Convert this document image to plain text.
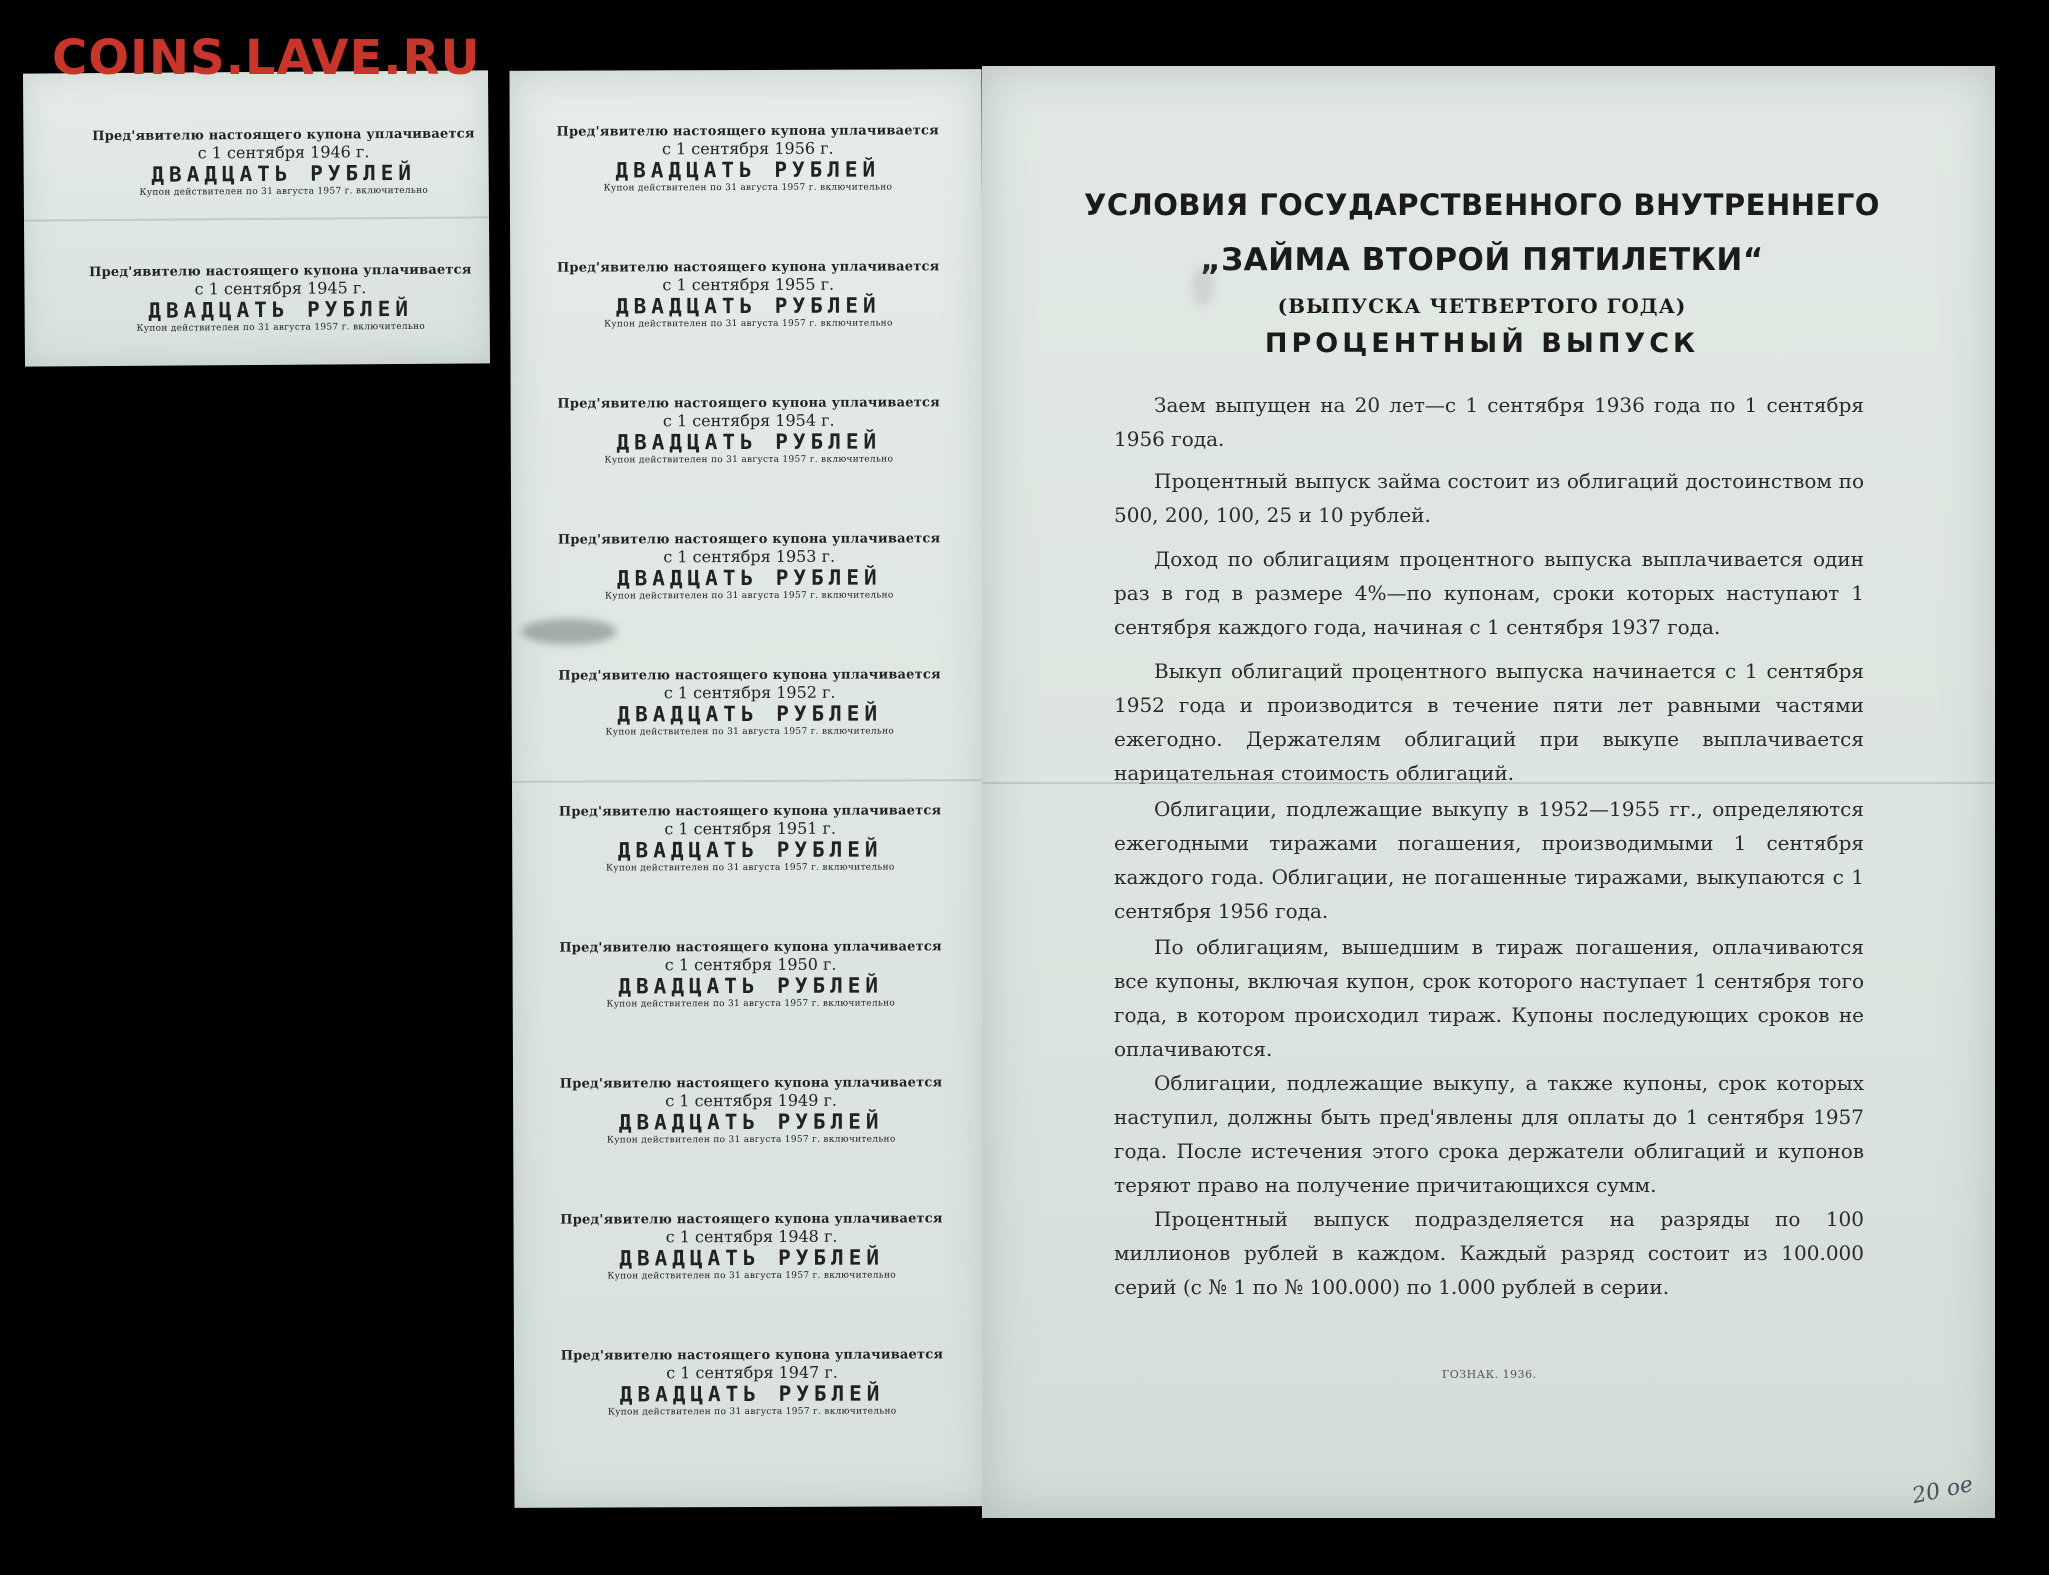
COINS.LAVE.RU
Пред'явителю настоящего купона уплачивается
с 1 сентября 1946 г.
ДВАДЦАТЬ РУБЛЕЙ
Купон действителен по 31 августа 1957 г. включительно
Пред'явителю настоящего купона уплачивается
с 1 сентября 1945 г.
ДВАДЦАТЬ РУБЛЕЙ
Купон действителен по 31 августа 1957 г. включительно
Пред'явителю настоящего купона уплачивается
с 1 сентября 1956 г.
ДВАДЦАТЬ РУБЛЕЙ
Купон действителен по 31 августа 1957 г. включительно
Пред'явителю настоящего купона уплачивается
с 1 сентября 1955 г.
ДВАДЦАТЬ РУБЛЕЙ
Купон действителен по 31 августа 1957 г. включительно
Пред'явителю настоящего купона уплачивается
с 1 сентября 1954 г.
ДВАДЦАТЬ РУБЛЕЙ
Купон действителен по 31 августа 1957 г. включительно
Пред'явителю настоящего купона уплачивается
с 1 сентября 1953 г.
ДВАДЦАТЬ РУБЛЕЙ
Купон действителен по 31 августа 1957 г. включительно
Пред'явителю настоящего купона уплачивается
с 1 сентября 1952 г.
ДВАДЦАТЬ РУБЛЕЙ
Купон действителен по 31 августа 1957 г. включительно
Пред'явителю настоящего купона уплачивается
с 1 сентября 1951 г.
ДВАДЦАТЬ РУБЛЕЙ
Купон действителен по 31 августа 1957 г. включительно
Пред'явителю настоящего купона уплачивается
с 1 сентября 1950 г.
ДВАДЦАТЬ РУБЛЕЙ
Купон действителен по 31 августа 1957 г. включительно
Пред'явителю настоящего купона уплачивается
с 1 сентября 1949 г.
ДВАДЦАТЬ РУБЛЕЙ
Купон действителен по 31 августа 1957 г. включительно
Пред'явителю настоящего купона уплачивается
с 1 сентября 1948 г.
ДВАДЦАТЬ РУБЛЕЙ
Купон действителен по 31 августа 1957 г. включительно
Пред'явителю настоящего купона уплачивается
с 1 сентября 1947 г.
ДВАДЦАТЬ РУБЛЕЙ
Купон действителен по 31 августа 1957 г. включительно
УСЛОВИЯ ГОСУДАРСТВЕННОГО ВНУТРЕННЕГО
„ЗАЙМА ВТОРОЙ ПЯТИЛЕТКИ“
(ВЫПУСКА ЧЕТВЕРТОГО ГОДА)
ПРОЦЕНТНЫЙ ВЫПУСК
Заем выпущен на 20 лет—с 1 сентября 1936 года по 1 сентября 1956 года.
Процентный выпуск займа состоит из облигаций достоинством по 500, 200, 100, 25 и 10 рублей.
Доход по облигациям процентного выпуска выплачивается один раз в год в размере 4%—по купонам, сроки которых наступают 1 сентября каждого года, начиная с 1 сентября 1937 года.
Выкуп облигаций процентного выпуска начинается с 1 сентября 1952 года и производится в течение пяти лет равными частями ежегодно. Держателям облигаций при выкупе выплачивается нарицательная стоимость облигаций.
Облигации, подлежащие выкупу в 1952—1955 гг., определяются ежегодными тиражами погашения, производимыми 1 сентября каждого года. Облигации, не погашенные тиражами, выкупаются с 1 сентября 1956 года.
По облигациям, вышедшим в тираж погашения, оплачиваются все купоны, включая купон, срок которого наступает 1 сентября того года, в котором происходил тираж. Купоны последующих сроков не оплачиваются.
Облигации, подлежащие выкупу, а также купоны, срок которых наступил, должны быть пред'явлены для оплаты до 1 сентября 1957 года. После истечения этого срока держатели облигаций и купонов теряют право на получение причитающихся сумм.
Процентный выпуск подразделяется на разряды по 100 миллионов рублей в каждом. Каждый разряд состоит из 100.000 серий (с № 1 по № 100.000) по 1.000 рублей в серии.
ГОЗНАК. 1936.
20 ое
